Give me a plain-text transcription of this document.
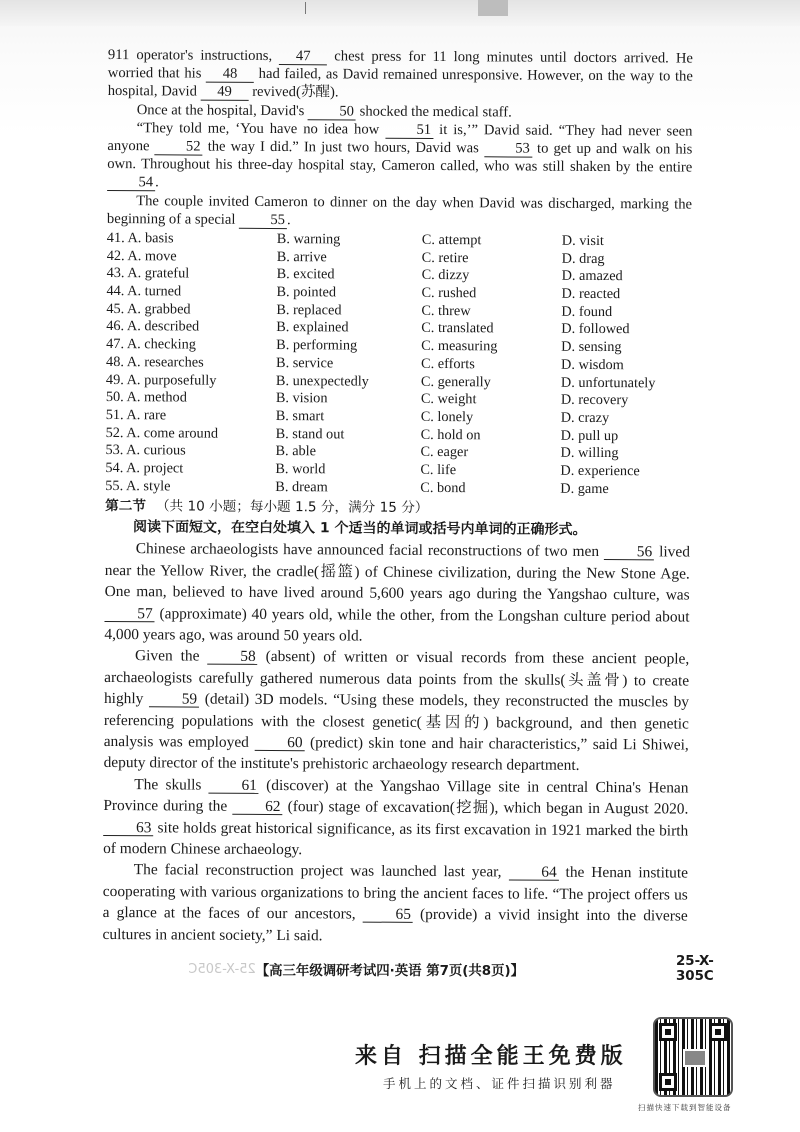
911 operator's instructions, 47 chest press for 11 long minutes until doctors arrived. He worried that his 48 had failed, as David remained unresponsive. However, on the way to the hospital, David 49 revived(苏醒).

Once at the hospital, David's 50 shocked the medical staff.

“They told me, ‘You have no idea how	51 it is,’” David said. “They had never seen anyone 52 the way I did.” In just two hours, David was 53 to get up and walk on his own. Throughout his three-day hospital stay, Cameron called, who was still shaken by the entire 54 .

The couple invited Cameron to dinner on the day when David was discharged, marking the beginning of a special 55 .

41. A. basis	B. warning	C. attempt	D. visit
42. A. move	B. arrive	C. retire	D. drag
43. A. grateful	B. excited	C. dizzy	D. amazed
44. A. turned	B. pointed	C. rushed	D. reacted
45. A. grabbed	B. replaced	C. threw	D. found
46. A. described	B. explained	C. translated	D. followed
47. A. checking	B. performing	C. measuring	D. sensing
48. A. researches	B. service	C. efforts	D. wisdom
49. A. purposefully	B. unexpectedly	C. generally	D. unfortunately
50. A. method	B. vision	C. weight	D. recovery
51. A. rare	B. smart	C. lonely	D. crazy
52. A. come around	B. stand out	C. hold on	D. pull up
53. A. curious	B. able	C. eager	D. willing
54. A. project	B. world	C. life	D. experience
55. A. style	B. dream	C. bond	D. game
第二节 （共 10 小题；每小题 1.5 分，满分 15 分）
阅读下面短文，在空白处填入 1 个适当的单词或括号内单词的正确形式。

Chinese archaeologists have announced facial reconstructions of two men 56 lived near the Yellow River, the cradle(摇篮) of Chinese civilization, during the New Stone Age. One man, believed to have lived around 5,600 years ago during the Yangshao culture, was 57 (approximate) 40 years old, while the other, from the Longshan culture period about 4,000 years ago, was around 50 years old.

Given the	58 (absent) of written or visual records from these ancient people, archaeologists carefully gathered numerous data points from the skulls(头盖骨) to create highly 59 (detail) 3D models. “Using these models, they reconstructed the muscles by referencing populations with the closest genetic(基因的) background, and then genetic analysis was employed 60 (predict) skin tone and hair characteristics,” said Li Shiwei, deputy director of the institute's prehistoric archaeology research department.

The skulls	61 (discover) at the Yangshao Village site in central China's Henan Province during the 62 (four) stage of excavation(挖掘), which began in August 2020. 63 site holds great historical significance, as its first excavation in 1921 marked the birth of modern Chinese archaeology.

The facial reconstruction project was launched last year,	64 the Henan institute cooperating with various organizations to bring the ancient faces to life. “The project offers us a glance at the faces of our ancestors,	65 (provide) a vivid insight into the diverse cultures in ancient society,” Li said.

25-X-305C 【高三年级调研考试四·英语 第7页(共8页)】
25-X-305C
来自 扫描全能王免费版
手机上的文档、证件扫描识别利器
扫描快速下载到智能设备
